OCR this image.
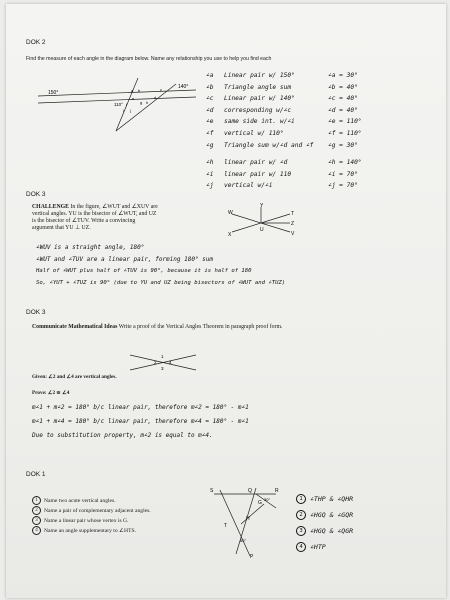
DOK 2
Find the measure of each angle in the diagram below. Name any relationship you use to help you find each
150°
140°
110°
a b	c
d
e
f	g h
i j
∠a Linear pair w/ 150°	∠a = 30°
∠b Triangle angle sum	∠b = 40°
∠c Linear pair w/ 140°	∠c = 40°
∠d corresponding w/∠c	∠d = 40°
∠e same side int. w/∠i	∠e = 110°
∠f vertical w/ 110°	∠f = 110°
∠g Triangle sum w/∠d and ∠f ∠g = 30°
∠h linear pair w/ ∠d	∠h = 140°
∠i linear pair w/ 110	∠i = 70°
∠j vertical w/∠i	∠j = 70°
DOK 3
CHALLENGE In the figure, ∠WUT and ∠XUV are
vertical angles. YU is the bisector of ∠WUT, and UZ
is the bisector of ∠TUV. Write a convincing
argument that YU ⊥ UZ.
W
Y
T
X
U
V
Z
∠WUV is a straight angle, 180°
∠WUT and ∠TUV are a linear pair, forming 180° sum
Half of ∠WUT plus half of ∠TUV is 90°, because it is half of 180
So, ∠YUT + ∠TUZ is 90° (due to YU and UZ being bisectors of ∠WUT and ∠TUZ)
DOK 3
Communicate Mathematical Ideas Write a proof of the Vertical Angles Theorem in paragraph proof form.
1
2
3
4
Given: ∠2 and ∠4 are vertical angles.
Prove: ∠2 ≅ ∠4
m∠1 + m∠2 = 180° b/c linear pair, therefore m∠2 = 180° - m∠1
m∠1 + m∠4 = 180° b/c linear pair, therefore m∠4 = 180° - m∠1
Due to substitution property, m∠2 is equal to m∠4.
DOK 1
1 Name two acute vertical angles.
2 Name a pair of complementary adjacent angles.
3 Name a linear pair whose vertex is G.
4 Name an angle supplementary to ∠HTS.
S	Q	R
G
H
T
P
30°
60°
1 ∠THP & ∠QHR
2 ∠HGQ & ∠GQR
3 ∠HGQ & ∠QGR
4 ∠HTP
